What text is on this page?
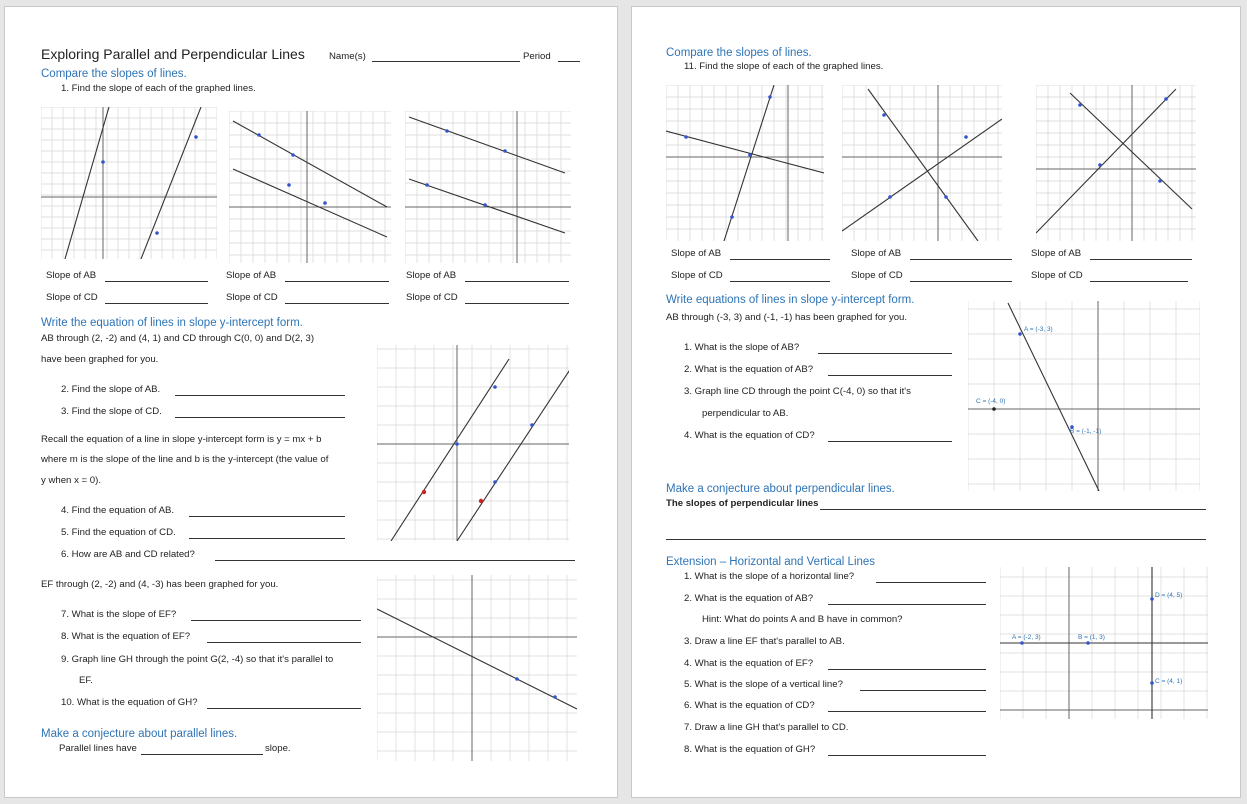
Exploring Parallel and Perpendicular Lines	Name(s)	Period
Compare the slopes of lines.
1. Find the slope of each of the graphed lines.
Slope of AB
Slope of CD
Slope of AB
Slope of CD
Slope of AB
Slope of CD
Write the equation of lines in slope y-intercept form.
AB through (2, -2) and (4, 1) and CD through C(0, 0) and D(2, 3)
have been graphed for you.
2. Find the slope of AB.
3. Find the slope of CD.
Recall the equation of a line in slope y-intercept form is y = mx + b
where m is the slope of the line and b is the y-intercept (the value of
y when x = 0).
4. Find the equation of AB.
5. Find the equation of CD.
6. How are AB and CD related?
EF through (2, -2) and (4, -3) has been graphed for you.
7. What is the slope of EF?
8. What is the equation of EF?
9. Graph line GH through the point G(2, -4) so that it's parallel to
EF.
10. What is the equation of GH?
Make a conjecture about parallel lines.
Parallel lines have	slope.
Compare the slopes of lines.
11. Find the slope of each of the graphed lines.
Slope of AB
Slope of CD
Slope of AB
Slope of CD
Slope of AB
Slope of CD
Write equations of lines in slope y-intercept form.
AB through (-3, 3) and (-1, -1) has been graphed for you.
1. What is the slope of AB?
2. What is the equation of AB?
3. Graph line CD through the point C(-4, 0) so that it's
perpendicular to AB.
4. What is the equation of CD?
A = (-3, 3)
B = (-1, -1)
C = (-4, 0)
Make a conjecture about perpendicular lines.
The slopes of perpendicular lines
Extension – Horizontal and Vertical Lines
1. What is the slope of a horizontal line?
2. What is the equation of AB?
Hint: What do points A and B have in common?
3. Draw a line EF that's parallel to AB.
4. What is the equation of EF?
5. What is the slope of a vertical line?
6. What is the equation of CD?
7. Draw a line GH that's parallel to CD.
8. What is the equation of GH?
A = (-2, 3)	B = (1, 3)
C = (4, 1)
D = (4, 5)
